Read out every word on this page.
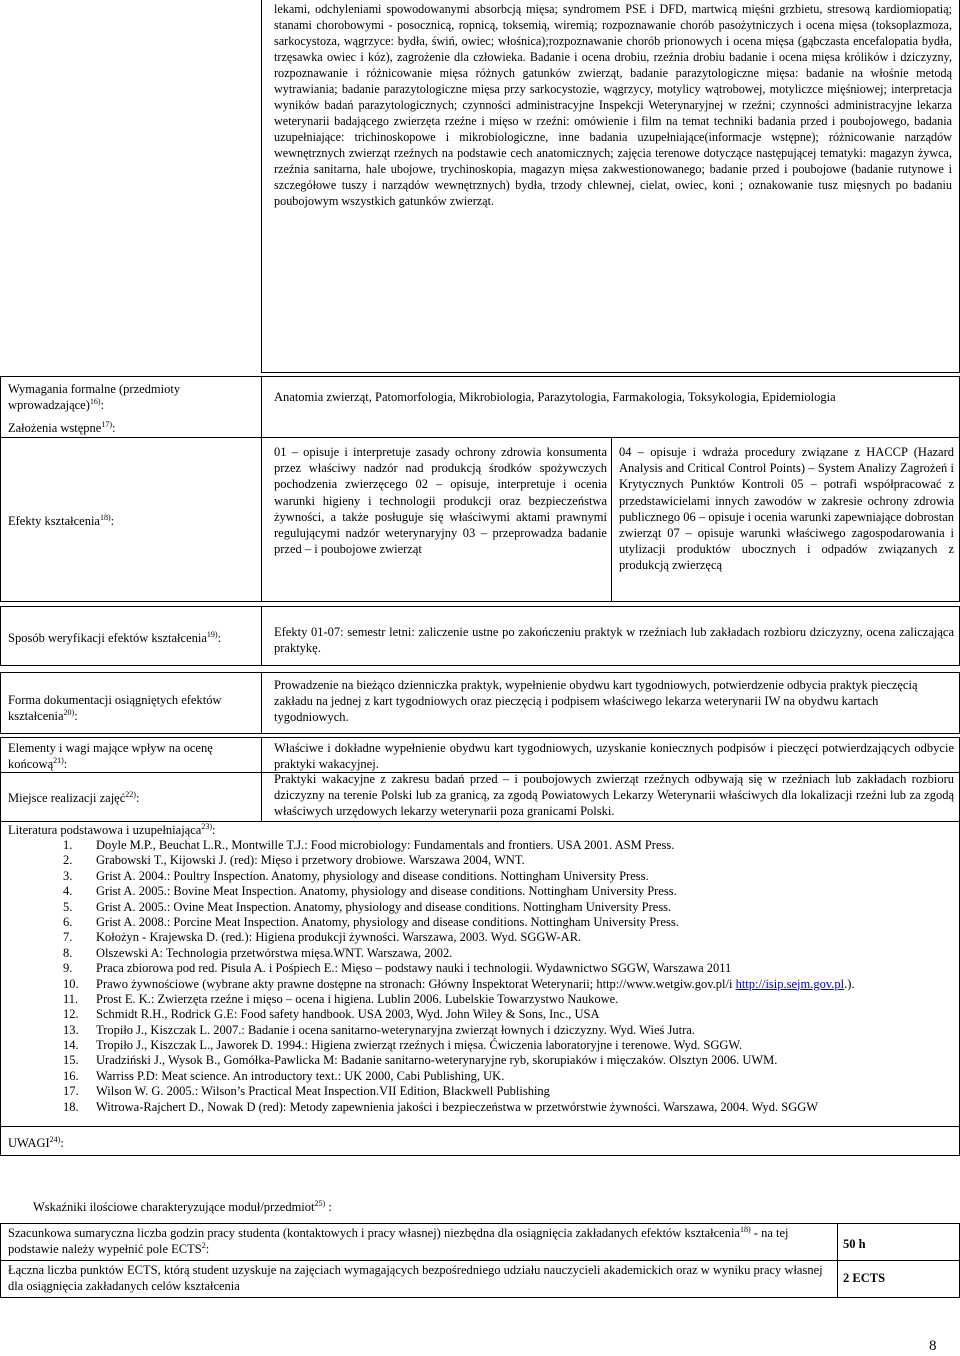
lekami, odchyleniami spowodowanymi absorbcją mięsa; syndromem PSE i DFD, martwicą mięśni grzbietu, stresową kardiomiopatią; stanami chorobowymi - posocznicą, ropnicą, toksemią, wiremią; rozpoznawanie chorób pasożytniczych i ocena mięsa (toksoplazmoza, sarkocystoza, wągrzyce: bydła, świń, owiec; włośnica);rozpoznawanie chorób prionowych i ocena mięsa (gąbczasta encefalopatia bydła, trzęsawka owiec i kóz), zagrożenie dla człowieka. Badanie i ocena drobiu, rzeźnia drobiu badanie i ocena mięsa królików i dziczyzny, rozpoznawanie i różnicowanie mięsa różnych gatunków zwierząt, badanie parazytologiczne mięsa: badanie na włośnie metodą wytrawiania; badanie parazytologiczne mięsa przy sarkocystozie, wągrzycy, motylicy wątrobowej, motyliczce mięśniowej; interpretacja wyników badań parazytologicznych; czynności administracyjne Inspekcji Weterynaryjnej w rzeźni; czynności administracyjne lekarza weterynarii badającego zwierzęta rzeźne i mięso w rzeźni: omówienie i film na temat techniki badania przed i poubojowego, badania uzupełniające: trichinoskopowe i mikrobiologiczne, inne badania uzupełniające(informacje wstępne); różnicowanie narządów wewnętrznych zwierząt rzeźnych na podstawie cech anatomicznych; zajęcia terenowe dotyczące następującej tematyki: magazyn żywca, rzeźnia sanitarna, hale ubojowe, trychinoskopia, magazyn mięsa zakwestionowanego; badanie przed i poubojowe (badanie rutynowe i szczegółowe tuszy i narządów wewnętrznych) bydła, trzody chlewnej, cielat, owiec, koni ; oznakowanie tusz mięsnych po badaniu poubojowym wszystkich gatunków zwierząt.
Wymagania formalne (przedmioty wprowadzające)$^{16)}$:
Anatomia zwierząt, Patomorfologia, Mikrobiologia, Parazytologia, Farmakologia, Toksykologia, Epidemiologia
Założenia wstępne$^{17)}$:
Efekty kształcenia$^{18)}$:
01 – opisuje i interpretuje zasady ochrony zdrowia konsumenta przez właściwy nadzór nad produkcją środków spożywczych pochodzenia zwierzęcego 02 – opisuje, interpretuje i ocenia warunki higieny i technologii produkcji oraz bezpieczeństwa żywności, a także posługuje się właściwymi aktami prawnymi regulującymi nadzór weterynaryjny 03 – przeprowadza badanie przed – i poubojowe zwierząt
04 – opisuje i wdraża procedury związane z HACCP (Hazard Analysis and Critical Control Points) – System Analizy Zagrożeń i Krytycznych Punktów Kontroli 05 – potrafi współpracować z przedstawicielami innych zawodów w zakresie ochrony zdrowia publicznego 06 – opisuje i ocenia warunki zapewniające dobrostan zwierząt 07 – opisuje warunki właściwego zagospodarowania i utylizacji produktów ubocznych i odpadów związanych z produkcją zwierzęcą
Sposób weryfikacji efektów kształcenia$^{19)}$:	Efekty 01-07: semestr letni: zaliczenie ustne po zakończeniu praktyk w rzeźniach lub zakładach rozbioru dziczyzny, ocena zaliczająca praktykę.
Forma dokumentacji osiągniętych efektów kształcenia$^{20)}$:
Prowadzenie na bieżąco dzienniczka praktyk, wypełnienie obydwu kart tygodniowych, potwierdzenie odbycia praktyk pieczęcią zakładu na jednej z kart tygodniowych oraz pieczęcią i podpisem właściwego lekarza weterynarii IW na obydwu kartach tygodniowych.
Elementy i wagi mające wpływ na ocenę końcową$^{21)}$:
Właściwe i dokładne wypełnienie obydwu kart tygodniowych, uzyskanie koniecznych podpisów i pieczęci potwierdzających odbycie praktyki wakacyjnej.
Miejsce realizacji zajęć$^{22)}$:
Praktyki wakacyjne z zakresu badań przed – i poubojowych zwierząt rzeźnych odbywają się w rzeźniach lub zakładach rozbioru dziczyzny na terenie Polski lub za granicą, za zgodą Powiatowych Lekarzy Weterynarii właściwych dla lokalizacji rzeźni lub za zgodą właściwych urzędowych lekarzy weterynarii poza granicami Polski.
Literatura podstawowa i uzupełniająca$^{23)}$:
1. Doyle M.P., Beuchat L.R., Montwille T.J.: Food microbiology: Fundamentals and frontiers. USA 2001. ASM Press.
2. Grabowski T., Kijowski J. (red): Mięso i przetwory drobiowe. Warszawa 2004, WNT.
3. Grist A. 2004.: Poultry Inspection. Anatomy, physiology and disease conditions. Nottingham University Press.
4. Grist A. 2005.: Bovine Meat Inspection. Anatomy, physiology and disease conditions. Nottingham University Press.
5. Grist A. 2005.: Ovine Meat Inspection. Anatomy, physiology and disease conditions. Nottingham University Press.
6. Grist A. 2008.: Porcine Meat Inspection. Anatomy, physiology and disease conditions. Nottingham University Press.
7. Kołożyn - Krajewska D. (red.): Higiena produkcji żywności. Warszawa, 2003. Wyd. SGGW-AR.
8. Olszewski A: Technologia przetwórstwa mięsa.WNT. Warszawa, 2002.
9. Praca zbiorowa pod red. Pisula A. i Pośpiech E.: Mięso – podstawy nauki i technologii. Wydawnictwo SGGW, Warszawa 2011
10. Prawo żywnościowe (wybrane akty prawne dostępne na stronach: Główny Inspektorat Weterynarii; http://www.wetgiw.gov.pl/i http://isip.sejm.gov.pl.).
11. Prost E. K.: Zwierzęta rzeźne i mięso – ocena i higiena. Lublin 2006. Lubelskie Towarzystwo Naukowe.
12. Schmidt R.H., Rodrick G.E: Food safety handbook. USA 2003, Wyd. John Wiley & Sons, Inc., USA
13. Tropiło J., Kiszczak L. 2007.: Badanie i ocena sanitarno-weterynaryjna zwierząt łownych i dziczyzny. Wyd. Wieś Jutra.
14. Tropiło J., Kiszczak L., Jaworek D. 1994.: Higiena zwierząt rzeźnych i mięsa. Ćwiczenia laboratoryjne i terenowe. Wyd. SGGW.
15. Uradziński J., Wysok B., Gomółka-Pawlicka M: Badanie sanitarno-weterynaryjne ryb, skorupiaków i mięczaków. Olsztyn 2006. UWM.
16. Warriss P.D: Meat science. An introductory text.: UK 2000, Cabi Publishing, UK.
17. Wilson W. G. 2005.: Wilson’s Practical Meat Inspection.VII Edition, Blackwell Publishing
18. Witrowa-Rajchert D., Nowak D (red): Metody zapewnienia jakości i bezpieczeństwa w przetwórstwie żywności. Warszawa, 2004. Wyd. SGGW
UWAGI$^{24)}$:
Wskaźniki ilościowe charakteryzujące moduł/przedmiot$^{25)}$ :
Szacunkowa sumaryczna liczba godzin pracy studenta (kontaktowych i pracy własnej) niezbędna dla osiągnięcia zakładanych efektów kształcenia$^{18)}$ - na tej podstawie należy wypełnić pole ECTS$^2$:	50 h
Łączna liczba punktów ECTS, którą student uzyskuje na zajęciach wymagających bezpośredniego udziału nauczycieli akademickich oraz w wyniku pracy własnej dla osiągnięcia zakładanych celów kształcenia
2 ECTS
8
